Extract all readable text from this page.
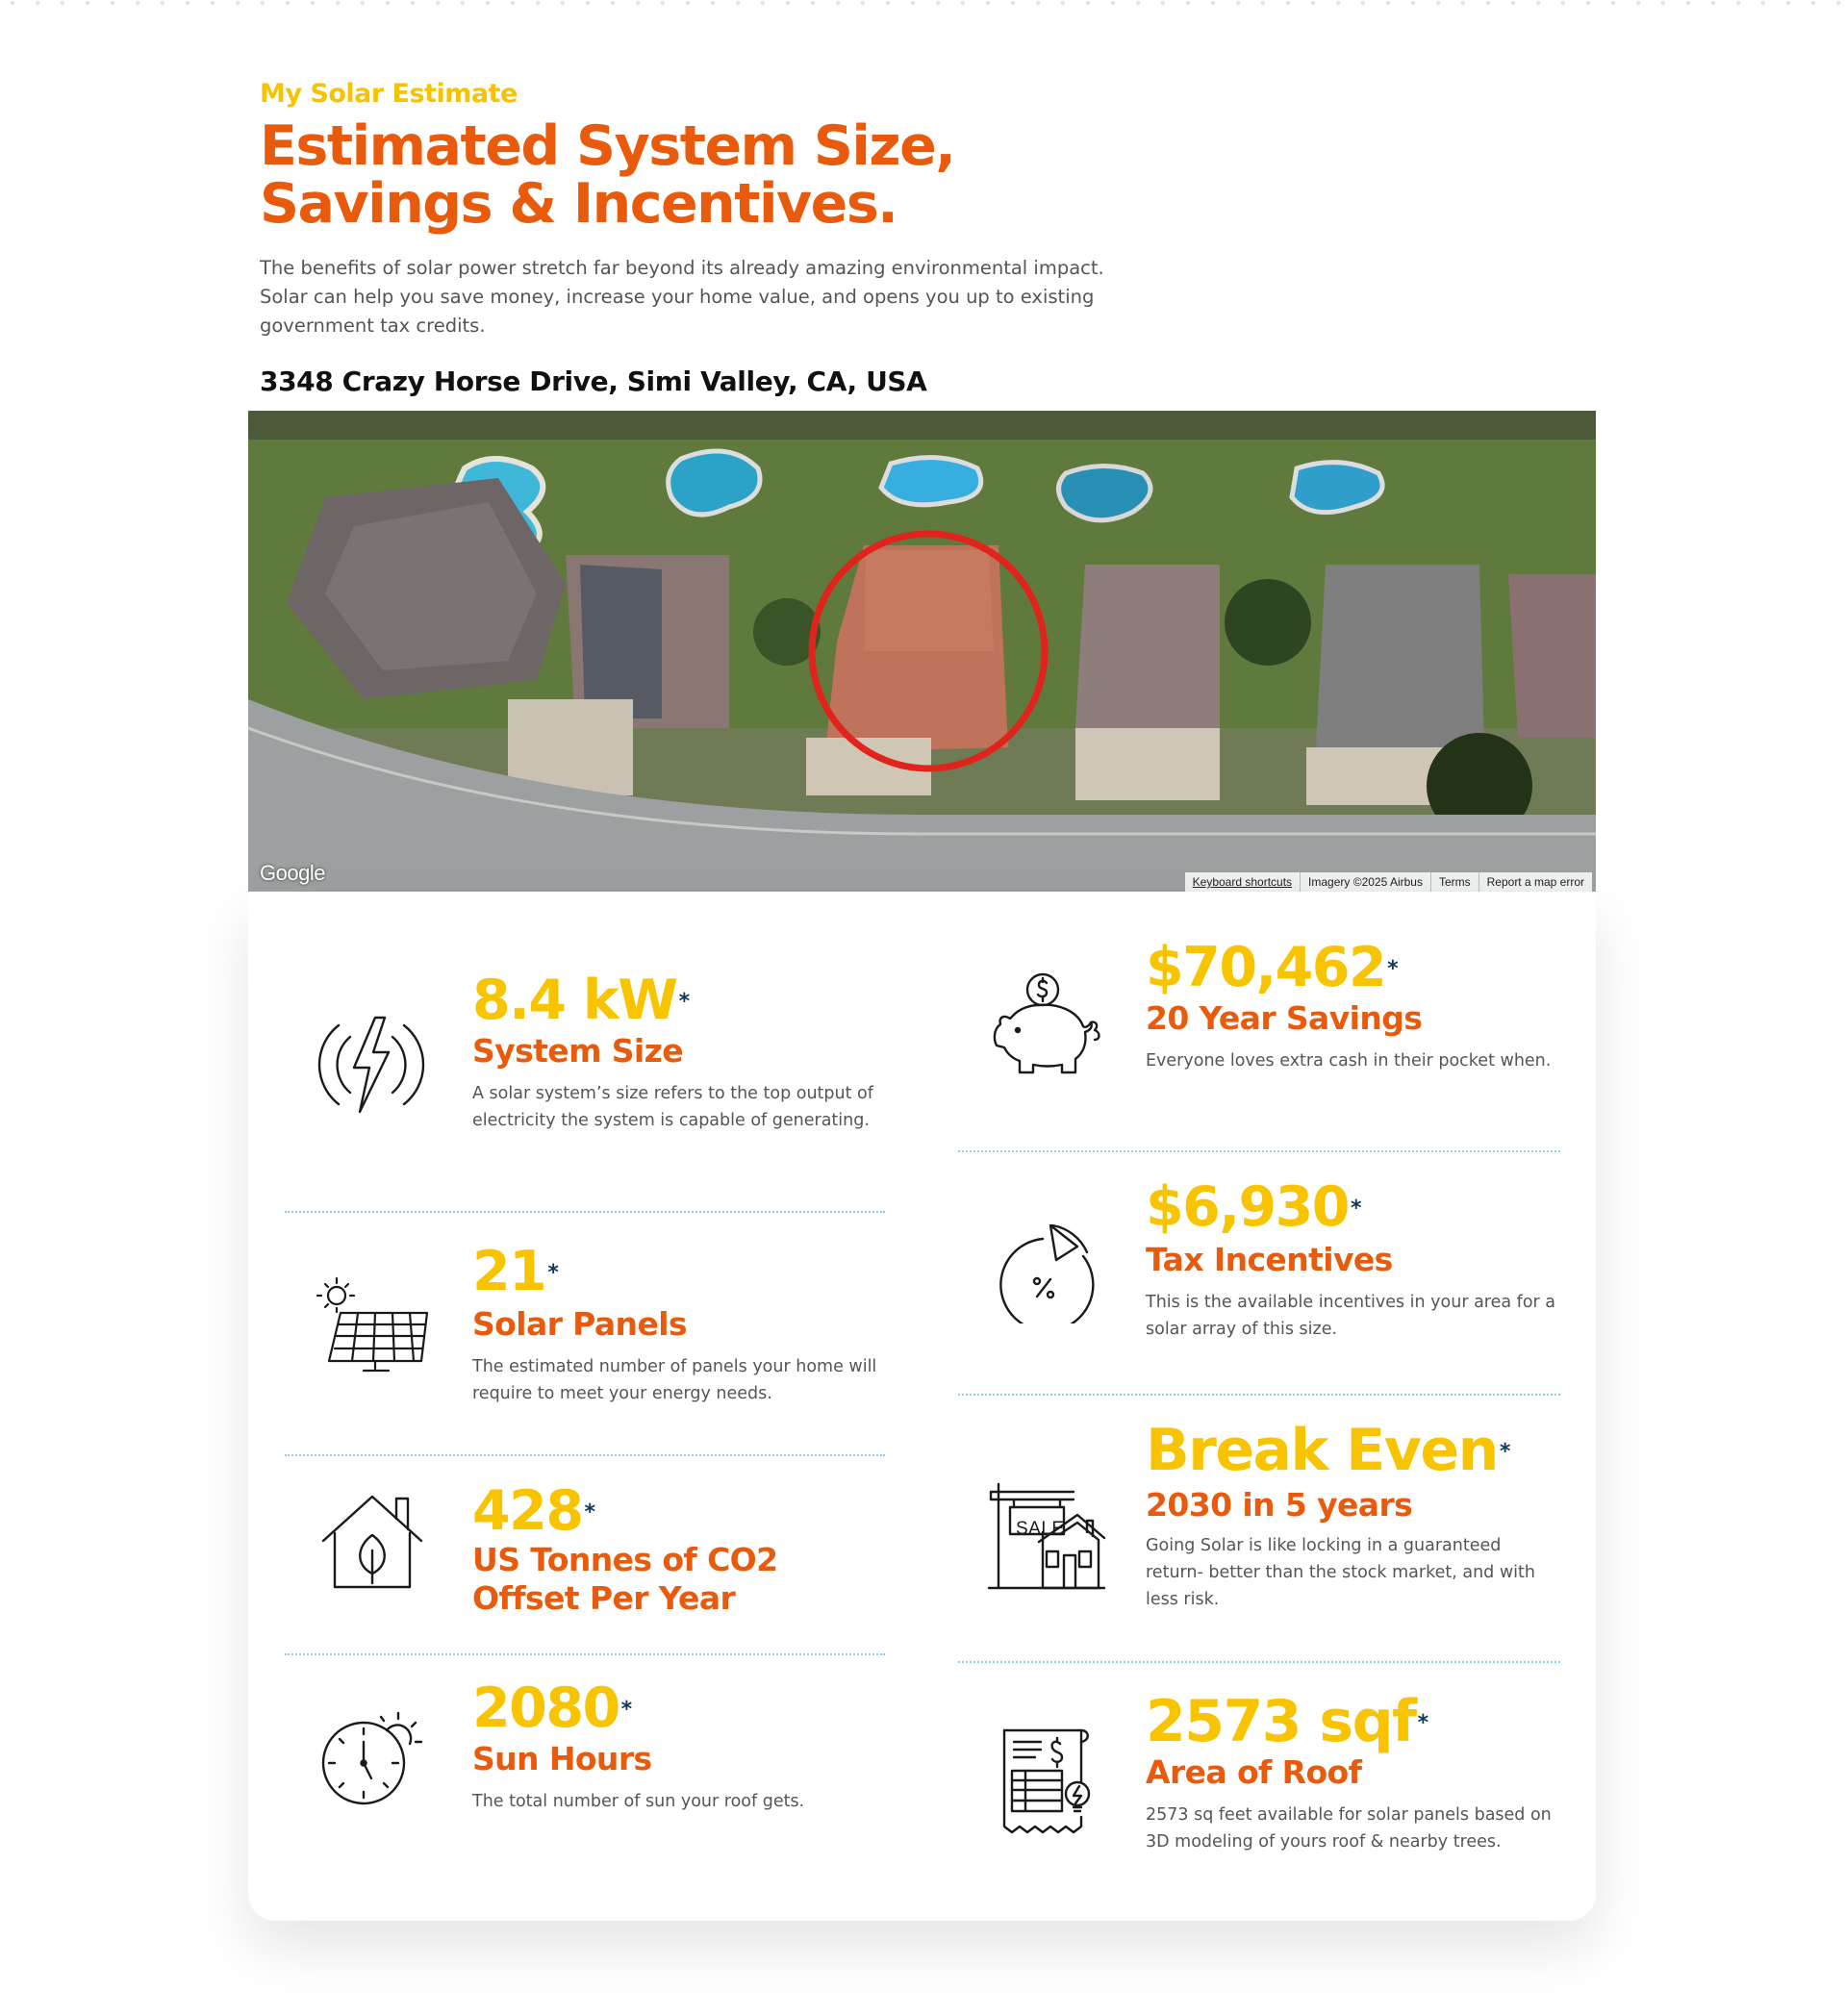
My Solar Estimate
Estimated System Size,
Savings & Incentives.

The benefits of solar power stretch far beyond its already amazing environmental impact. Solar can help you save money, increase your home value, and opens you up to existing government tax credits.

3348 Crazy Horse Drive, Simi Valley, CA, USA
Google	Keyboard shortcuts	Imagery ©2025 Airbus	Terms	Report a map error
8.4 kW*
System Size
A solar system’s size refers to the top output of electricity the system is capable of generating.
21*
Solar Panels
The estimated number of panels your home will require to meet your energy needs.
428*
US Tonnes of CO2
Offset Per Year
2080*
Sun Hours
The total number of sun your roof gets.
$70,462*
20 Year Savings
Everyone loves extra cash in their pocket when.
$6,930*
Tax Incentives
This is the available incentives in your area for a solar array of this size.
SALE
Break Even*
2030 in 5 years
Going Solar is like locking in a guaranteed return- better than the stock market, and with less risk.
2573 sqf*
Area of Roof
2573 sq feet available for solar panels based on 3D modeling of yours roof & nearby trees.
